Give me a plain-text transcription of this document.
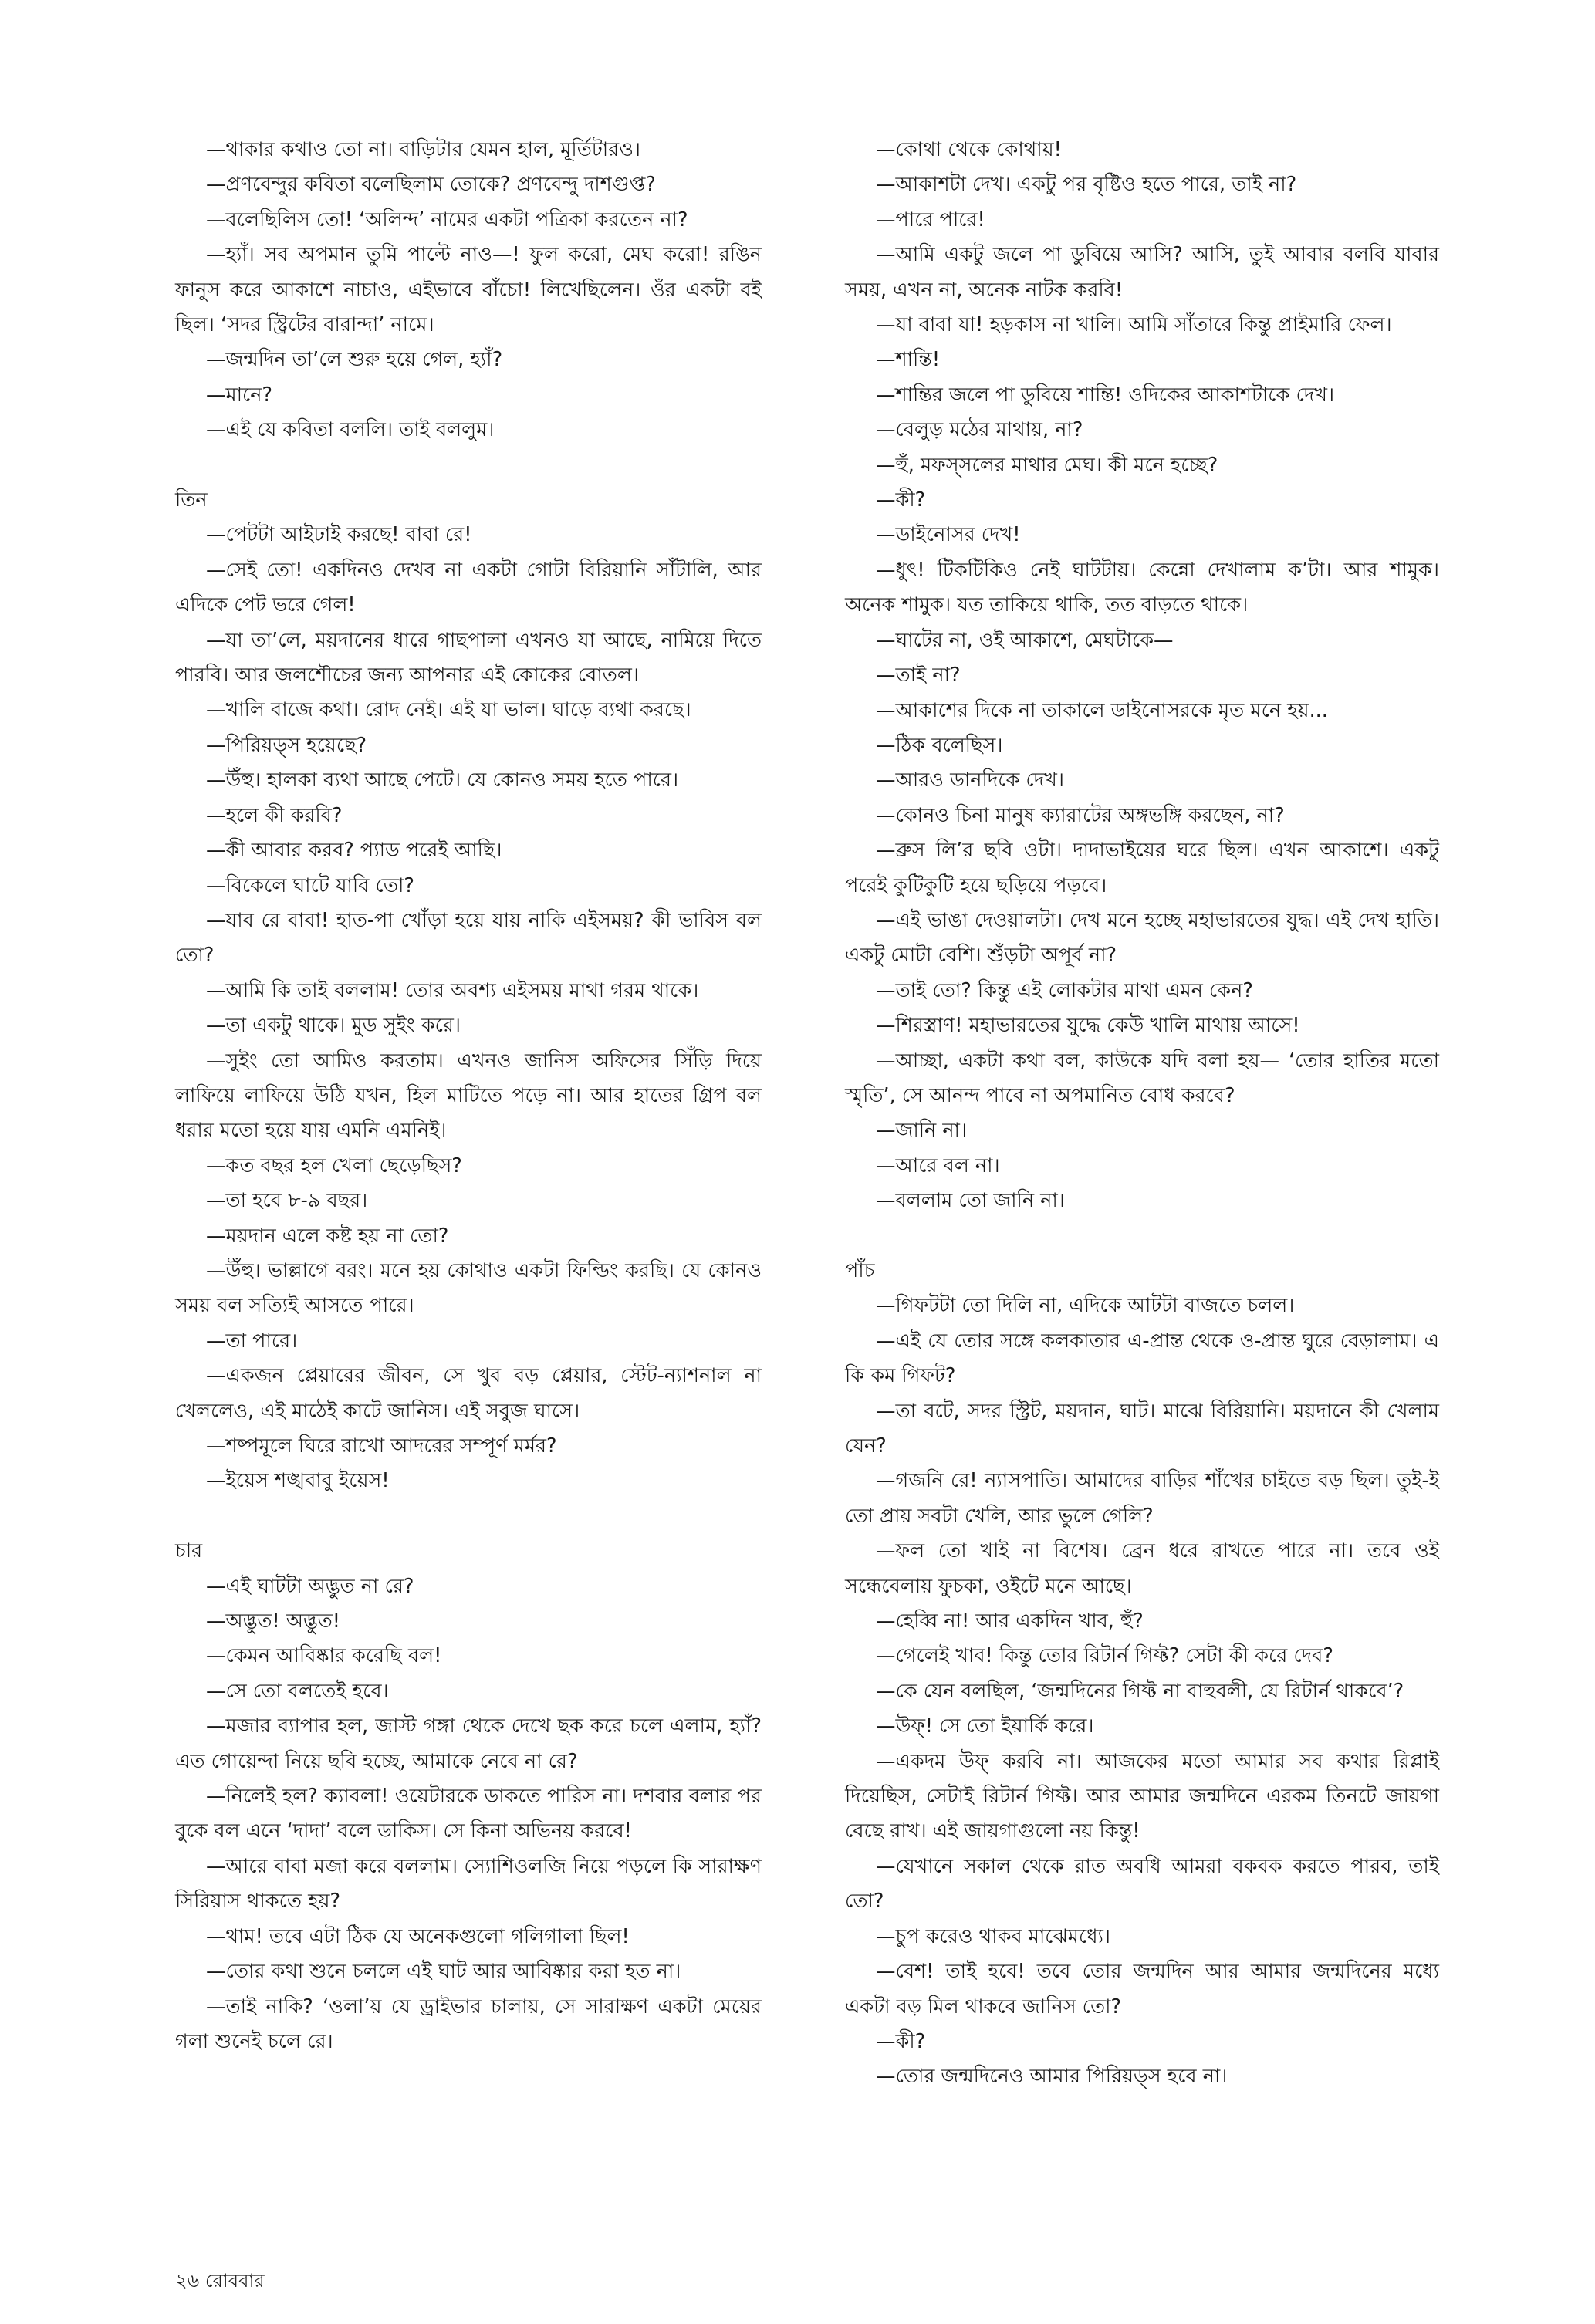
—থাকার কথাও তো না। বাড়িটার যেমন হাল, মূর্তিটারও।

—প্রণবেন্দুর কবিতা বলেছিলাম তোকে? প্রণবেন্দু দাশগুপ্ত?

—বলেছিলিস তো! ‘অলিন্দ’ নামের একটা পত্রিকা করতেন না?

—হ্যাঁ। সব অপমান তুমি পাল্টে নাও—! ফুল করো, মেঘ করো! রঙিন ফানুস করে আকাশে নাচাও, এইভাবে বাঁচো! লিখেছিলেন। ওঁর একটা বই ছিল। ‘সদর স্ট্রিটের বারান্দা’ নামে।

—জন্মদিন তা’লে শুরু হয়ে গেল, হ্যাঁ?

—মানে?

—এই যে কবিতা বললি। তাই বললুম।

তিন

—পেটটা আইঢাই করছে! বাবা রে!

—সেই তো! একদিনও দেখব না একটা গোটা বিরিয়ানি সাঁটালি, আর এদিকে পেট ভরে গেল!

—যা তা’লে, ময়দানের ধারে গাছপালা এখনও যা আছে, নামিয়ে দিতে পারবি। আর জলশৌচের জন্য আপনার এই কোকের বোতল।

—খালি বাজে কথা। রোদ নেই। এই যা ভাল। ঘাড়ে ব্যথা করছে।

—পিরিয়ড্স হয়েছে?

—উঁহু। হালকা ব্যথা আছে পেটে। যে কোনও সময় হতে পারে।

—হলে কী করবি?

—কী আবার করব? প্যাড পরেই আছি।

—বিকেলে ঘাটে যাবি তো?

—যাব রে বাবা! হাত-পা খোঁড়া হয়ে যায় নাকি এইসময়? কী ভাবিস বল তো?

—আমি কি তাই বললাম! তোর অবশ্য এইসময় মাথা গরম থাকে।

—তা একটু থাকে। মুড সুইং করে।

—সুইং তো আমিও করতাম। এখনও জানিস অফিসের সিঁড়ি দিয়ে লাফিয়ে লাফিয়ে উঠি যখন, হিল মাটিতে পড়ে না। আর হাতের গ্রিপ বল ধরার মতো হয়ে যায় এমনি এমনিই।

—কত বছর হল খেলা ছেড়েছিস?

—তা হবে ৮-৯ বছর।

—ময়দান এলে কষ্ট হয় না তো?

—উঁহু। ভাল্লাগে বরং। মনে হয় কোথাও একটা ফিল্ডিং করছি। যে কোনও সময় বল সত্যিই আসতে পারে।

—তা পারে।

—একজন প্লেয়ারের জীবন, সে খুব বড় প্লেয়ার, স্টেট-ন্যাশনাল না খেললেও, এই মাঠেই কাটে জানিস। এই সবুজ ঘাসে।

—শষ্পমূলে ঘিরে রাখো আদরের সম্পূর্ণ মর্মর?

—ইয়েস শঙ্খবাবু ইয়েস!

চার

—এই ঘাটটা অদ্ভুত না রে?

—অদ্ভুত! অদ্ভুত!

—কেমন আবিষ্কার করেছি বল!

—সে তো বলতেই হবে।

—মজার ব্যাপার হল, জাস্ট গঙ্গা থেকে দেখে ছক করে চলে এলাম, হ্যাঁ? এত গোয়েন্দা নিয়ে ছবি হচ্ছে, আমাকে নেবে না রে?

—নিলেই হল? ক্যাবলা! ওয়েটারকে ডাকতে পারিস না। দশবার বলার পর বুকে বল এনে ‘দাদা’ বলে ডাকিস। সে কিনা অভিনয় করবে!

—আরে বাবা মজা করে বললাম। স্যোশিওলজি নিয়ে পড়লে কি সারাক্ষণ সিরিয়াস থাকতে হয়?

—থাম! তবে এটা ঠিক যে অনেকগুলো গলিগালা ছিল!

—তোর কথা শুনে চললে এই ঘাট আর আবিষ্কার করা হত না।

—তাই নাকি? ‘ওলা’য় যে ড্রাইভার চালায়, সে সারাক্ষণ একটা মেয়ের গলা শুনেই চলে রে।

—কোথা থেকে কোথায়!

—আকাশটা দেখ। একটু পর বৃষ্টিও হতে পারে, তাই না?

—পারে পারে!

—আমি একটু জলে পা ডুবিয়ে আসি? আসি, তুই আবার বলবি যাবার সময়, এখন না, অনেক নাটক করবি!

—যা বাবা যা! হড়কাস না খালি। আমি সাঁতারে কিন্তু প্রাইমারি ফেল।

—শান্তি!

—শান্তির জলে পা ডুবিয়ে শান্তি! ওদিকের আকাশটাকে দেখ।

—বেলুড় মঠের মাথায়, না?

—হুঁ, মফস্সলের মাথার মেঘ। কী মনে হচ্ছে?

—কী?

—ডাইনোসর দেখ!

—ধুৎ! টিকটিকিও নেই ঘাটটায়। কেন্নো দেখালাম ক’টা। আর শামুক। অনেক শামুক। যত তাকিয়ে থাকি, তত বাড়তে থাকে।

—ঘাটের না, ওই আকাশে, মেঘটাকে—

—তাই না?

—আকাশের দিকে না তাকালে ডাইনোসরকে মৃত মনে হয়...

—ঠিক বলেছিস।

—আরও ডানদিকে দেখ।

—কোনও চিনা মানুষ ক্যারাটের অঙ্গভঙ্গি করছেন, না?

—ব্রুস লি’র ছবি ওটা। দাদাভাইয়ের ঘরে ছিল। এখন আকাশে। একটু পরেই কুটিকুটি হয়ে ছড়িয়ে পড়বে।

—এই ভাঙা দেওয়ালটা। দেখ মনে হচ্ছে মহাভারতের যুদ্ধ। এই দেখ হাতি। একটু মোটা বেশি। শুঁড়টা অপূর্ব না?

—তাই তো? কিন্তু এই লোকটার মাথা এমন কেন?

—শিরস্ত্রাণ! মহাভারতের যুদ্ধে কেউ খালি মাথায় আসে!

—আচ্ছা, একটা কথা বল, কাউকে যদি বলা হয়— ‘তোর হাতির মতো স্মৃতি’, সে আনন্দ পাবে না অপমানিত বোধ করবে?

—জানি না।

—আরে বল না।

—বললাম তো জানি না।

পাঁচ

—গিফটটা তো দিলি না, এদিকে আটটা বাজতে চলল।

—এই যে তোর সঙ্গে কলকাতার এ-প্রান্ত থেকে ও-প্রান্ত ঘুরে বেড়ালাম। এ কি কম গিফট?

—তা বটে, সদর স্ট্রিট, ময়দান, ঘাট। মাঝে বিরিয়ানি। ময়দানে কী খেলাম যেন?

—গজনি রে! ন্যাসপাতি। আমাদের বাড়ির শাঁখের চাইতে বড় ছিল। তুই-ই তো প্রায় সবটা খেলি, আর ভুলে গেলি?

—ফল তো খাই না বিশেষ। ব্রেন ধরে রাখতে পারে না। তবে ওই সন্ধেবেলায় ফুচকা, ওইটে মনে আছে।

—হেব্বি না! আর একদিন খাব, হুঁ?

—গেলেই খাব! কিন্তু তোর রিটার্ন গিফ্ট? সেটা কী করে দেব?

—কে যেন বলছিল, ‘জন্মদিনের গিফ্ট না বাহুবলী, যে রিটার্ন থাকবে’?

—উফ্! সে তো ইয়ার্কি করে।

—একদম উফ্ করবি না। আজকের মতো আমার সব কথার রিপ্লাই দিয়েছিস, সেটাই রিটার্ন গিফ্ট। আর আমার জন্মদিনে এরকম তিনটে জায়গা বেছে রাখ। এই জায়গাগুলো নয় কিন্তু!

—যেখানে সকাল থেকে রাত অবধি আমরা বকবক করতে পারব, তাই তো?

—চুপ করেও থাকব মাঝেমধ্যে।

—বেশ! তাই হবে! তবে তোর জন্মদিন আর আমার জন্মদিনের মধ্যে একটা বড় মিল থাকবে জানিস তো?

—কী?

—তোর জন্মদিনেও আমার পিরিয়ড্স হবে না।

২৬ রোববার
